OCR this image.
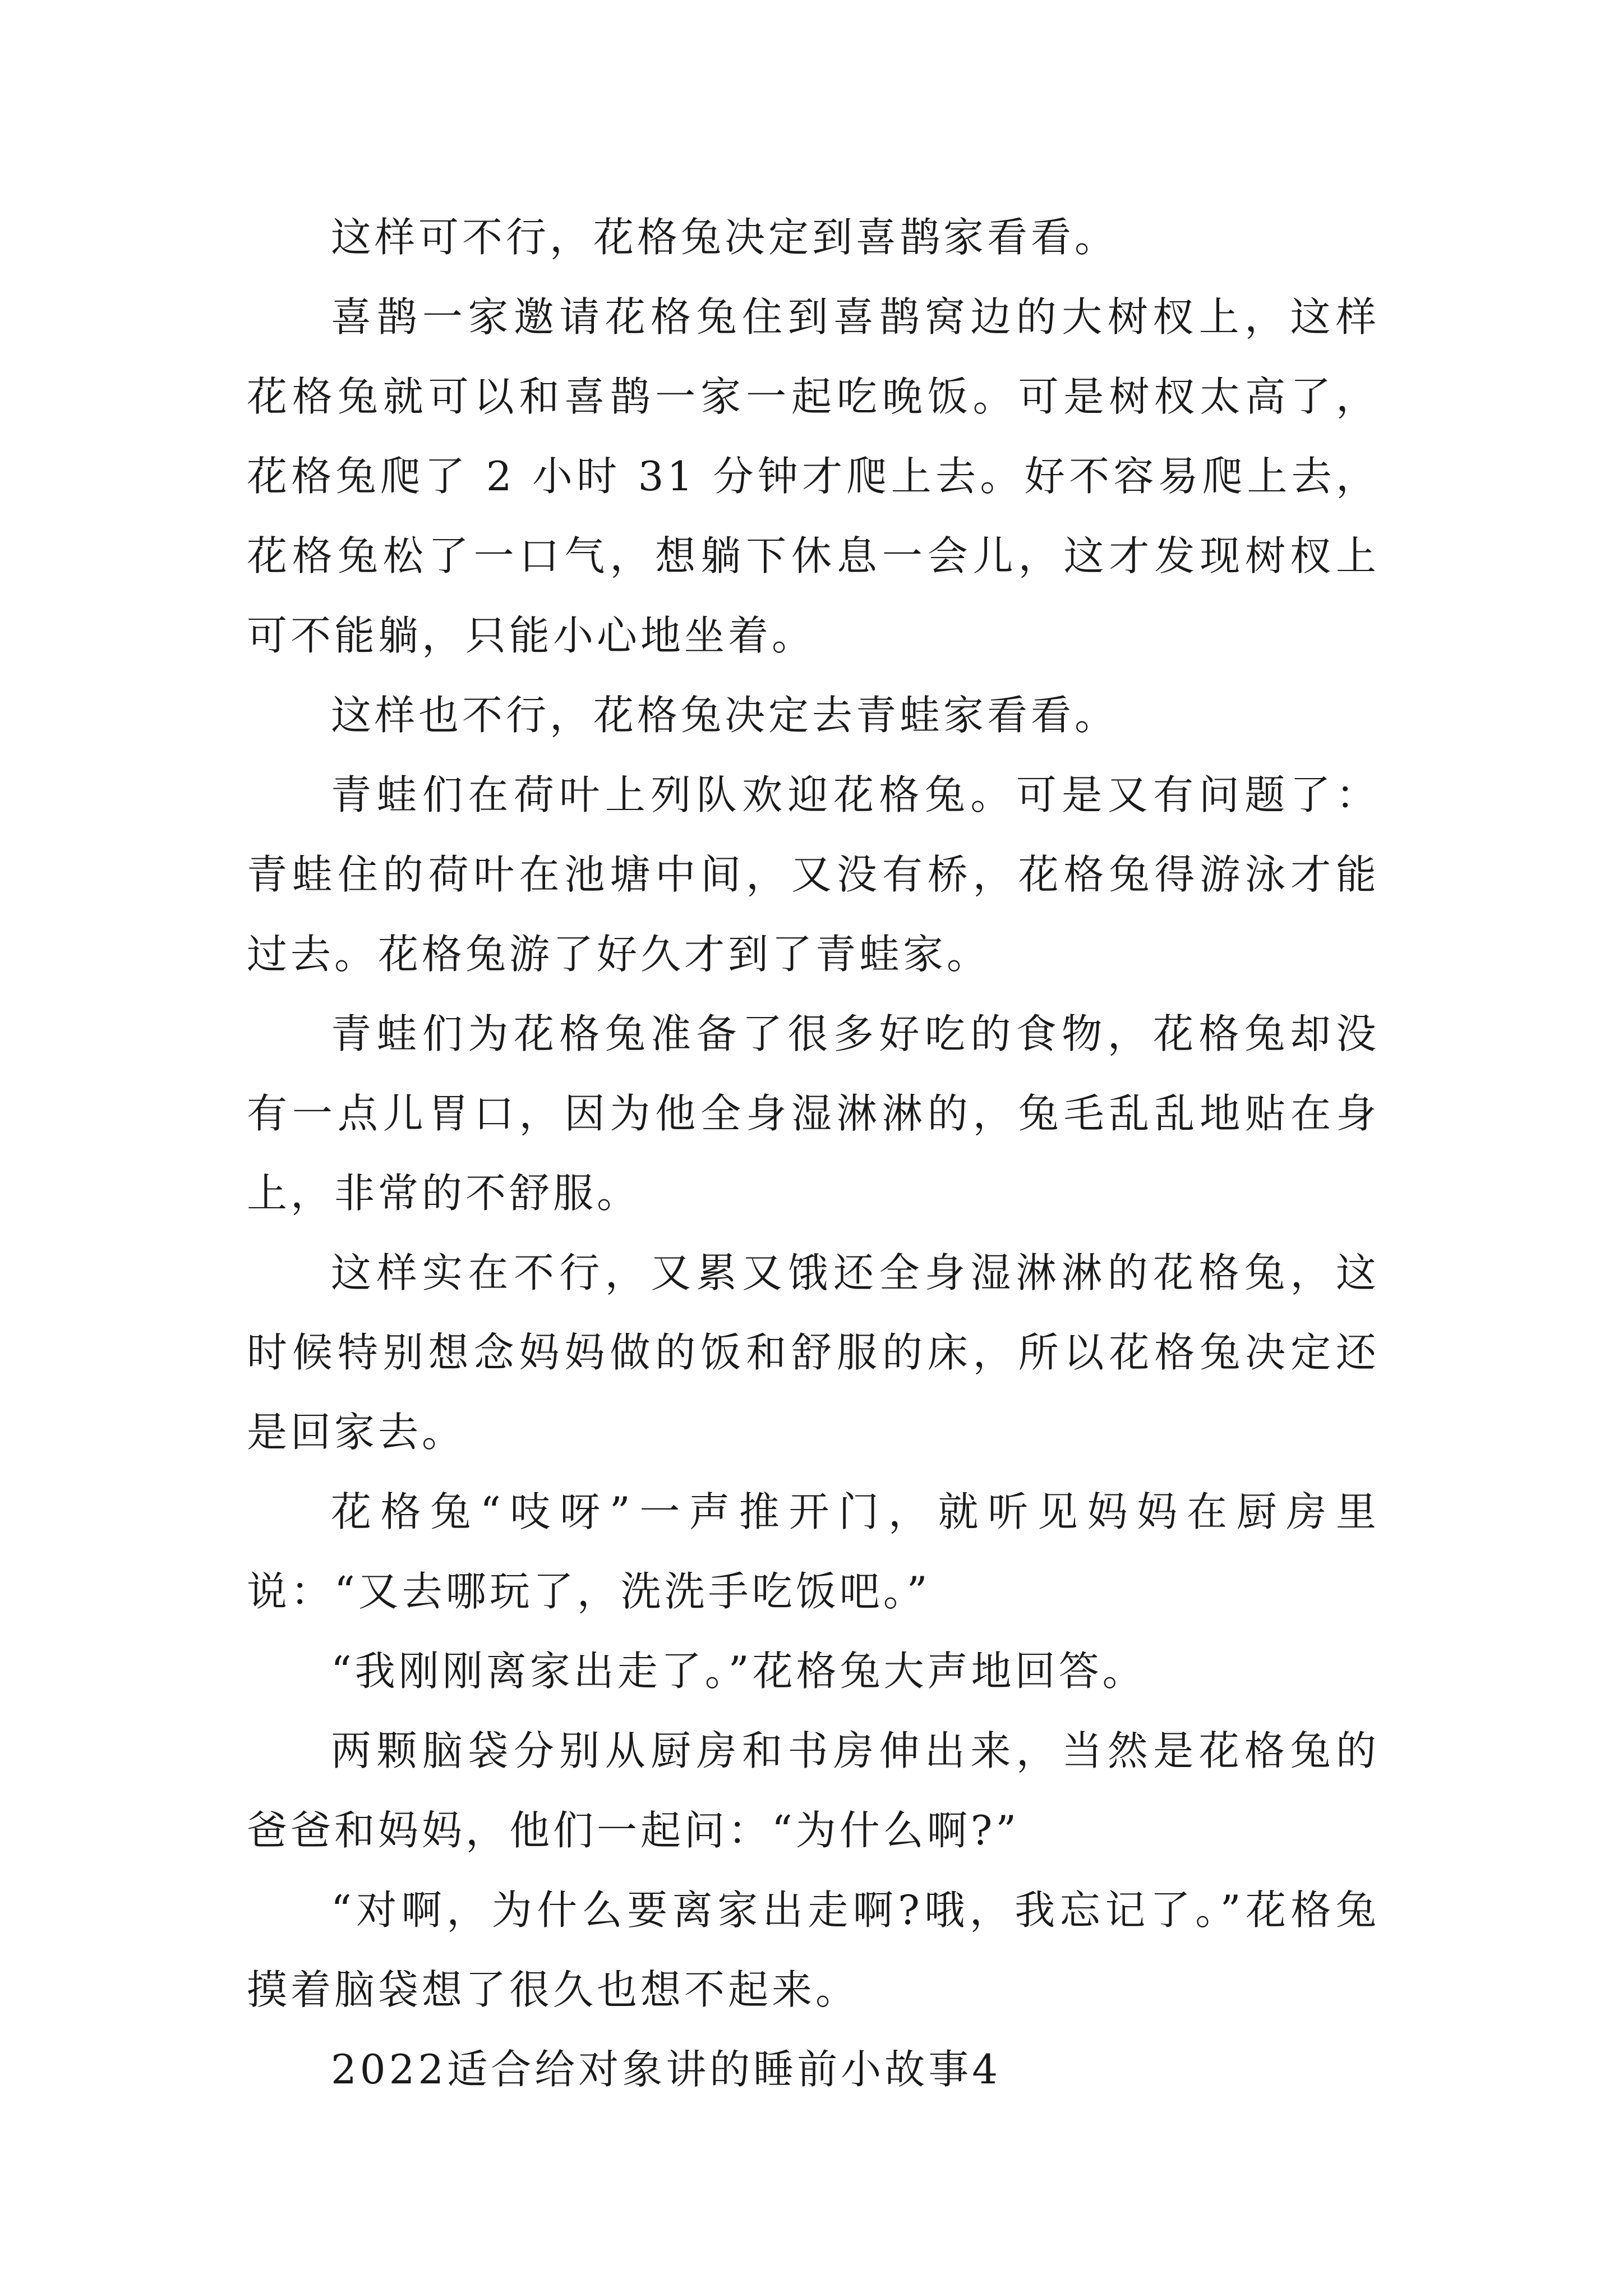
这样可不行，花格兔决定到喜鹊家看看。

喜鹊一家邀请花格兔住到喜鹊窝边的大树杈上，这样花格兔就可以和喜鹊一家一起吃晚饭。可是树杈太高了，花格兔爬了 2 小时 31 分钟才爬上去。好不容易爬上去，花格兔松了一口气，想躺下休息一会儿，这才发现树杈上可不能躺，只能小心地坐着。

这样也不行，花格兔决定去青蛙家看看。

青蛙们在荷叶上列队欢迎花格兔。可是又有问题了：青蛙住的荷叶在池塘中间，又没有桥，花格兔得游泳才能过去。花格兔游了好久才到了青蛙家。

青蛙们为花格兔准备了很多好吃的食物，花格兔却没有一点儿胃口，因为他全身湿淋淋的，兔毛乱乱地贴在身上，非常的不舒服。

这样实在不行，又累又饿还全身湿淋淋的花格兔，这时候特别想念妈妈做的饭和舒服的床，所以花格兔决定还是回家去。

花格兔“吱呀”一声推开门，就听见妈妈在厨房里说：“又去哪玩了，洗洗手吃饭吧。”

“我刚刚离家出走了。”花格兔大声地回答。

两颗脑袋分别从厨房和书房伸出来，当然是花格兔的爸爸和妈妈，他们一起问：“为什么啊?”

“对啊，为什么要离家出走啊?哦，我忘记了。”花格兔摸着脑袋想了很久也想不起来。

2022适合给对象讲的睡前小故事4
